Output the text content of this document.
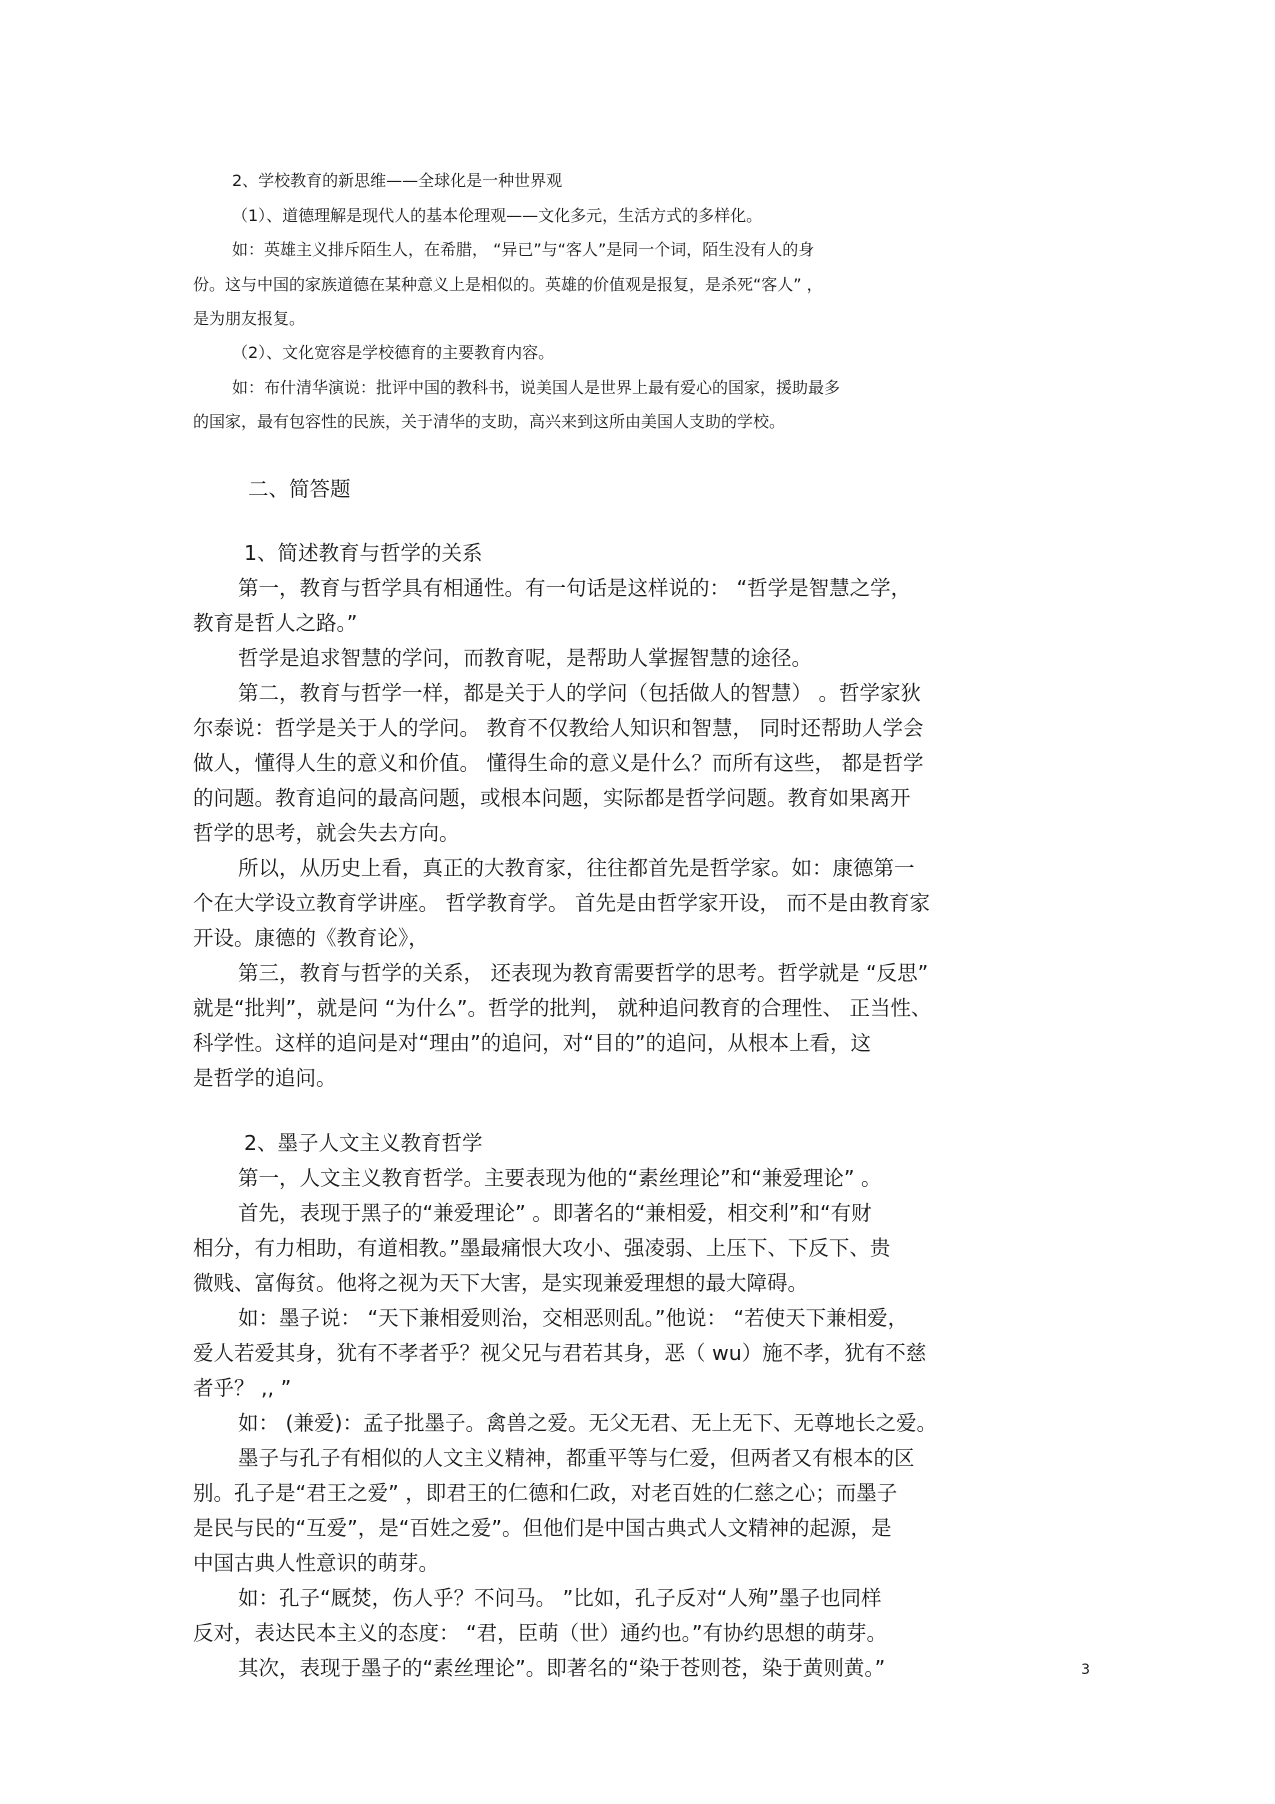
2、学校教育的新思维——全球化是一种世界观
（1）、道德理解是现代人的基本伦理观——文化多元，生活方式的多样化。
如：英雄主义排斥陌生人，在希腊， “异已”与“客人”是同一个词，陌生没有人的身
份。这与中国的家族道德在某种意义上是相似的。英雄的价值观是报复，是杀死“客人” ，
是为朋友报复。
（2）、文化宽容是学校德育的主要教育内容。
如：布什清华演说：批评中国的教科书，说美国人是世界上最有爱心的国家，援助最多
的国家，最有包容性的民族，关于清华的支助，高兴来到这所由美国人支助的学校。
二、简答题
1、简述教育与哲学的关系
第一，教育与哲学具有相通性。有一句话是这样说的： “哲学是智慧之学，
教育是哲人之路。”
哲学是追求智慧的学问，而教育呢，是帮助人掌握智慧的途径。
第二，教育与哲学一样，都是关于人的学问（包括做人的智慧） 。哲学家狄
尔泰说：哲学是关于人的学问。 教育不仅教给人知识和智慧， 同时还帮助人学会
做人，懂得人生的意义和价值。 懂得生命的意义是什么？而所有这些， 都是哲学
的问题。教育追问的最高问题，或根本问题，实际都是哲学问题。教育如果离开
哲学的思考，就会失去方向。
所以，从历史上看，真正的大教育家，往往都首先是哲学家。如：康德第一
个在大学设立教育学讲座。 哲学教育学。 首先是由哲学家开设， 而不是由教育家
开设。康德的《教育论》，
第三，教育与哲学的关系， 还表现为教育需要哲学的思考。哲学就是 “反思”
就是“批判”，就是问 “为什么”。哲学的批判， 就种追问教育的合理性、 正当性、
科学性。这样的追问是对“理由”的追问，对“目的”的追问，从根本上看，这
是哲学的追问。
2、墨子人文主义教育哲学
第一，人文主义教育哲学。主要表现为他的“素丝理论”和“兼爱理论” 。
首先，表现于黑子的“兼爱理论” 。即著名的“兼相爱，相交利”和“有财
相分，有力相助，有道相教。”墨最痛恨大攻小、强凌弱、上压下、下反下、贵
微贱、富侮贫。他将之视为天下大害，是实现兼爱理想的最大障碍。
如：墨子说： “天下兼相爱则治，交相恶则乱。”他说： “若使天下兼相爱，
爱人若爱其身，犹有不孝者乎？视父兄与君若其身，恶（ wu）施不孝，犹有不慈
者乎？ ,, ”
如： (兼爱)：孟子批墨子。禽兽之爱。无父无君、无上无下、无尊地长之爱。
墨子与孔子有相似的人文主义精神，都重平等与仁爱，但两者又有根本的区
别。孔子是“君王之爱” ，即君王的仁德和仁政，对老百姓的仁慈之心；而墨子
是民与民的“互爱”，是“百姓之爱”。但他们是中国古典式人文精神的起源，是
中国古典人性意识的萌芽。
如：孔子“厩焚，伤人乎？不问马。 ”比如，孔子反对“人殉”墨子也同样
反对，表达民本主义的态度： “君，臣萌（世）通约也。”有协约思想的萌芽。
其次，表现于墨子的“素丝理论”。即著名的“染于苍则苍，染于黄则黄。”	3
